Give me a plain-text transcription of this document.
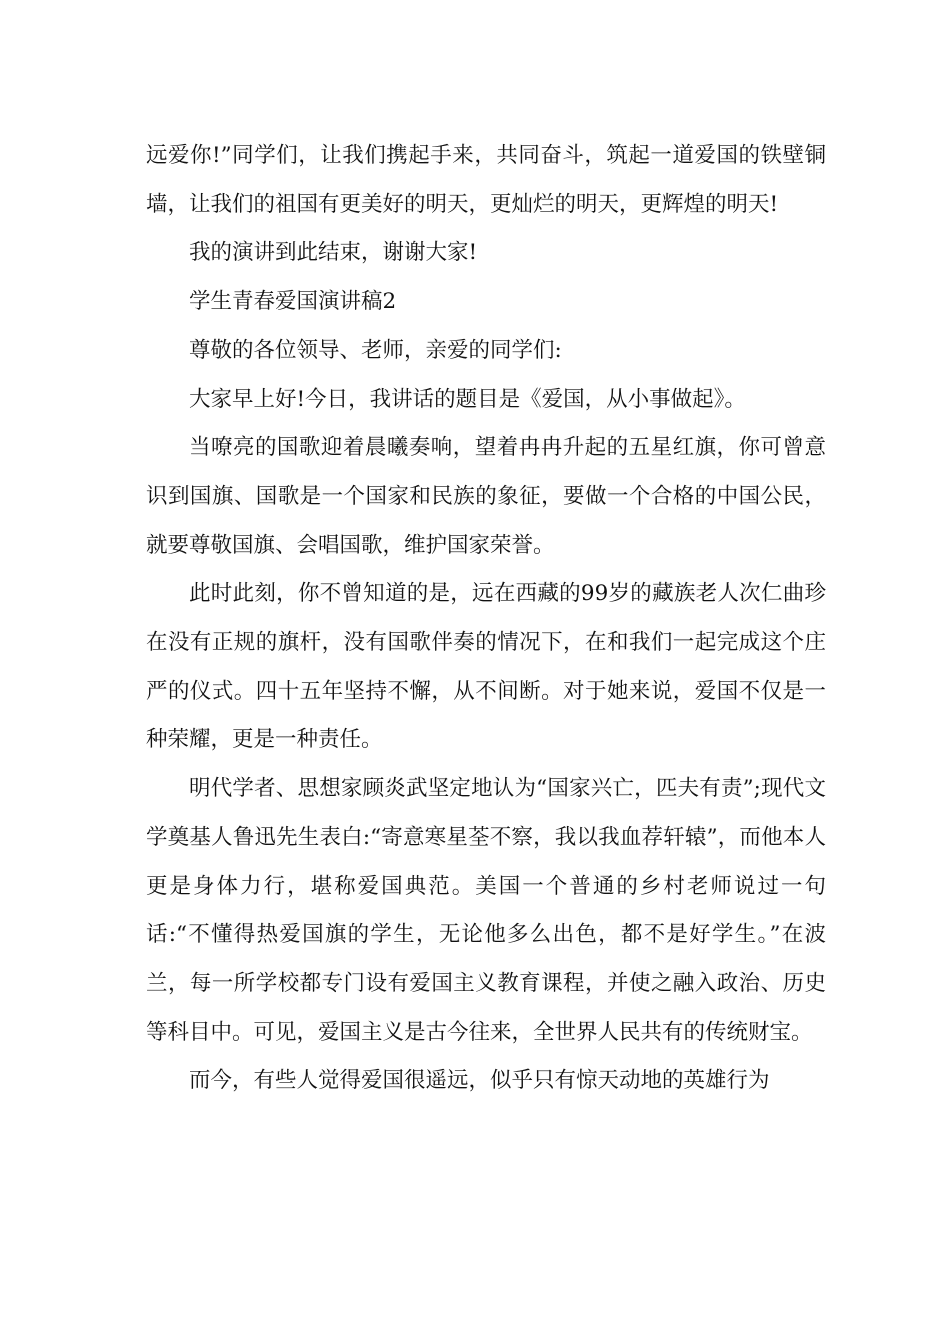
远爱你!”同学们，让我们携起手来，共同奋斗，筑起一道爱国的铁壁铜墙，让我们的祖国有更美好的明天，更灿烂的明天，更辉煌的明天!

我的演讲到此结束，谢谢大家!

学生青春爱国演讲稿2

尊敬的各位领导、老师，亲爱的同学们:

大家早上好!今日，我讲话的题目是《爱国，从小事做起》。

当嘹亮的国歌迎着晨曦奏响，望着冉冉升起的五星红旗，你可曾意识到国旗、国歌是一个国家和民族的象征，要做一个合格的中国公民，就要尊敬国旗、会唱国歌，维护国家荣誉。

此时此刻，你不曾知道的是，远在西藏的99岁的藏族老人次仁曲珍在没有正规的旗杆，没有国歌伴奏的情况下，在和我们一起完成这个庄严的仪式。四十五年坚持不懈，从不间断。对于她来说，爱国不仅是一种荣耀，更是一种责任。

明代学者、思想家顾炎武坚定地认为“国家兴亡，匹夫有责”;现代文学奠基人鲁迅先生表白:“寄意寒星荃不察，我以我血荐轩辕”，而他本人更是身体力行，堪称爱国典范。美国一个普通的乡村老师说过一句话:“不懂得热爱国旗的学生，无论他多么出色，都不是好学生。”在波兰，每一所学校都专门设有爱国主义教育课程，并使之融入政治、历史等科目中。可见，爱国主义是古今往来，全世界人民共有的传统财宝。

而今，有些人觉得爱国很遥远，似乎只有惊天动地的英雄行为
